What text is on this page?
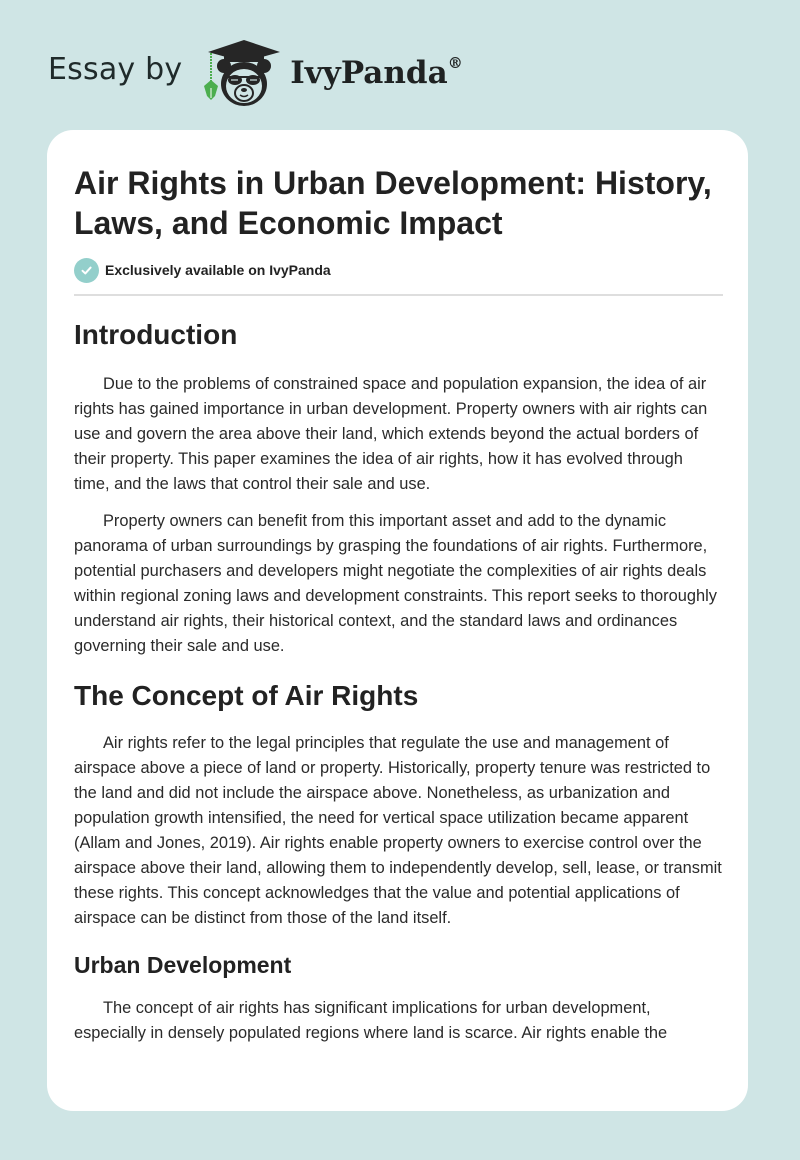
Essay by	IvyPanda®
Air Rights in Urban Development: History, Laws, and Economic Impact
Exclusively available on IvyPanda
Introduction

Due to the problems of constrained space and population expansion, the idea of air rights has gained importance in urban development. Property owners with air rights can use and govern the area above their land, which extends beyond the actual borders of their property. This paper examines the idea of air rights, how it has evolved through time, and the laws that control their sale and use.

Property owners can benefit from this important asset and add to the dynamic panorama of urban surroundings by grasping the foundations of air rights. Furthermore, potential purchasers and developers might negotiate the complexities of air rights deals within regional zoning laws and development constraints. This report seeks to thoroughly understand air rights, their historical context, and the standard laws and ordinances governing their sale and use.

The Concept of Air Rights

Air rights refer to the legal principles that regulate the use and management of airspace above a piece of land or property. Historically, property tenure was restricted to the land and did not include the airspace above. Nonetheless, as urbanization and population growth intensified, the need for vertical space utilization became apparent (Allam and Jones, 2019). Air rights enable property owners to exercise control over the airspace above their land, allowing them to independently develop, sell, lease, or transmit these rights. This concept acknowledges that the value and potential applications of airspace can be distinct from those of the land itself.

Urban Development

The concept of air rights has significant implications for urban development, especially in densely populated regions where land is scarce. Air rights enable the
